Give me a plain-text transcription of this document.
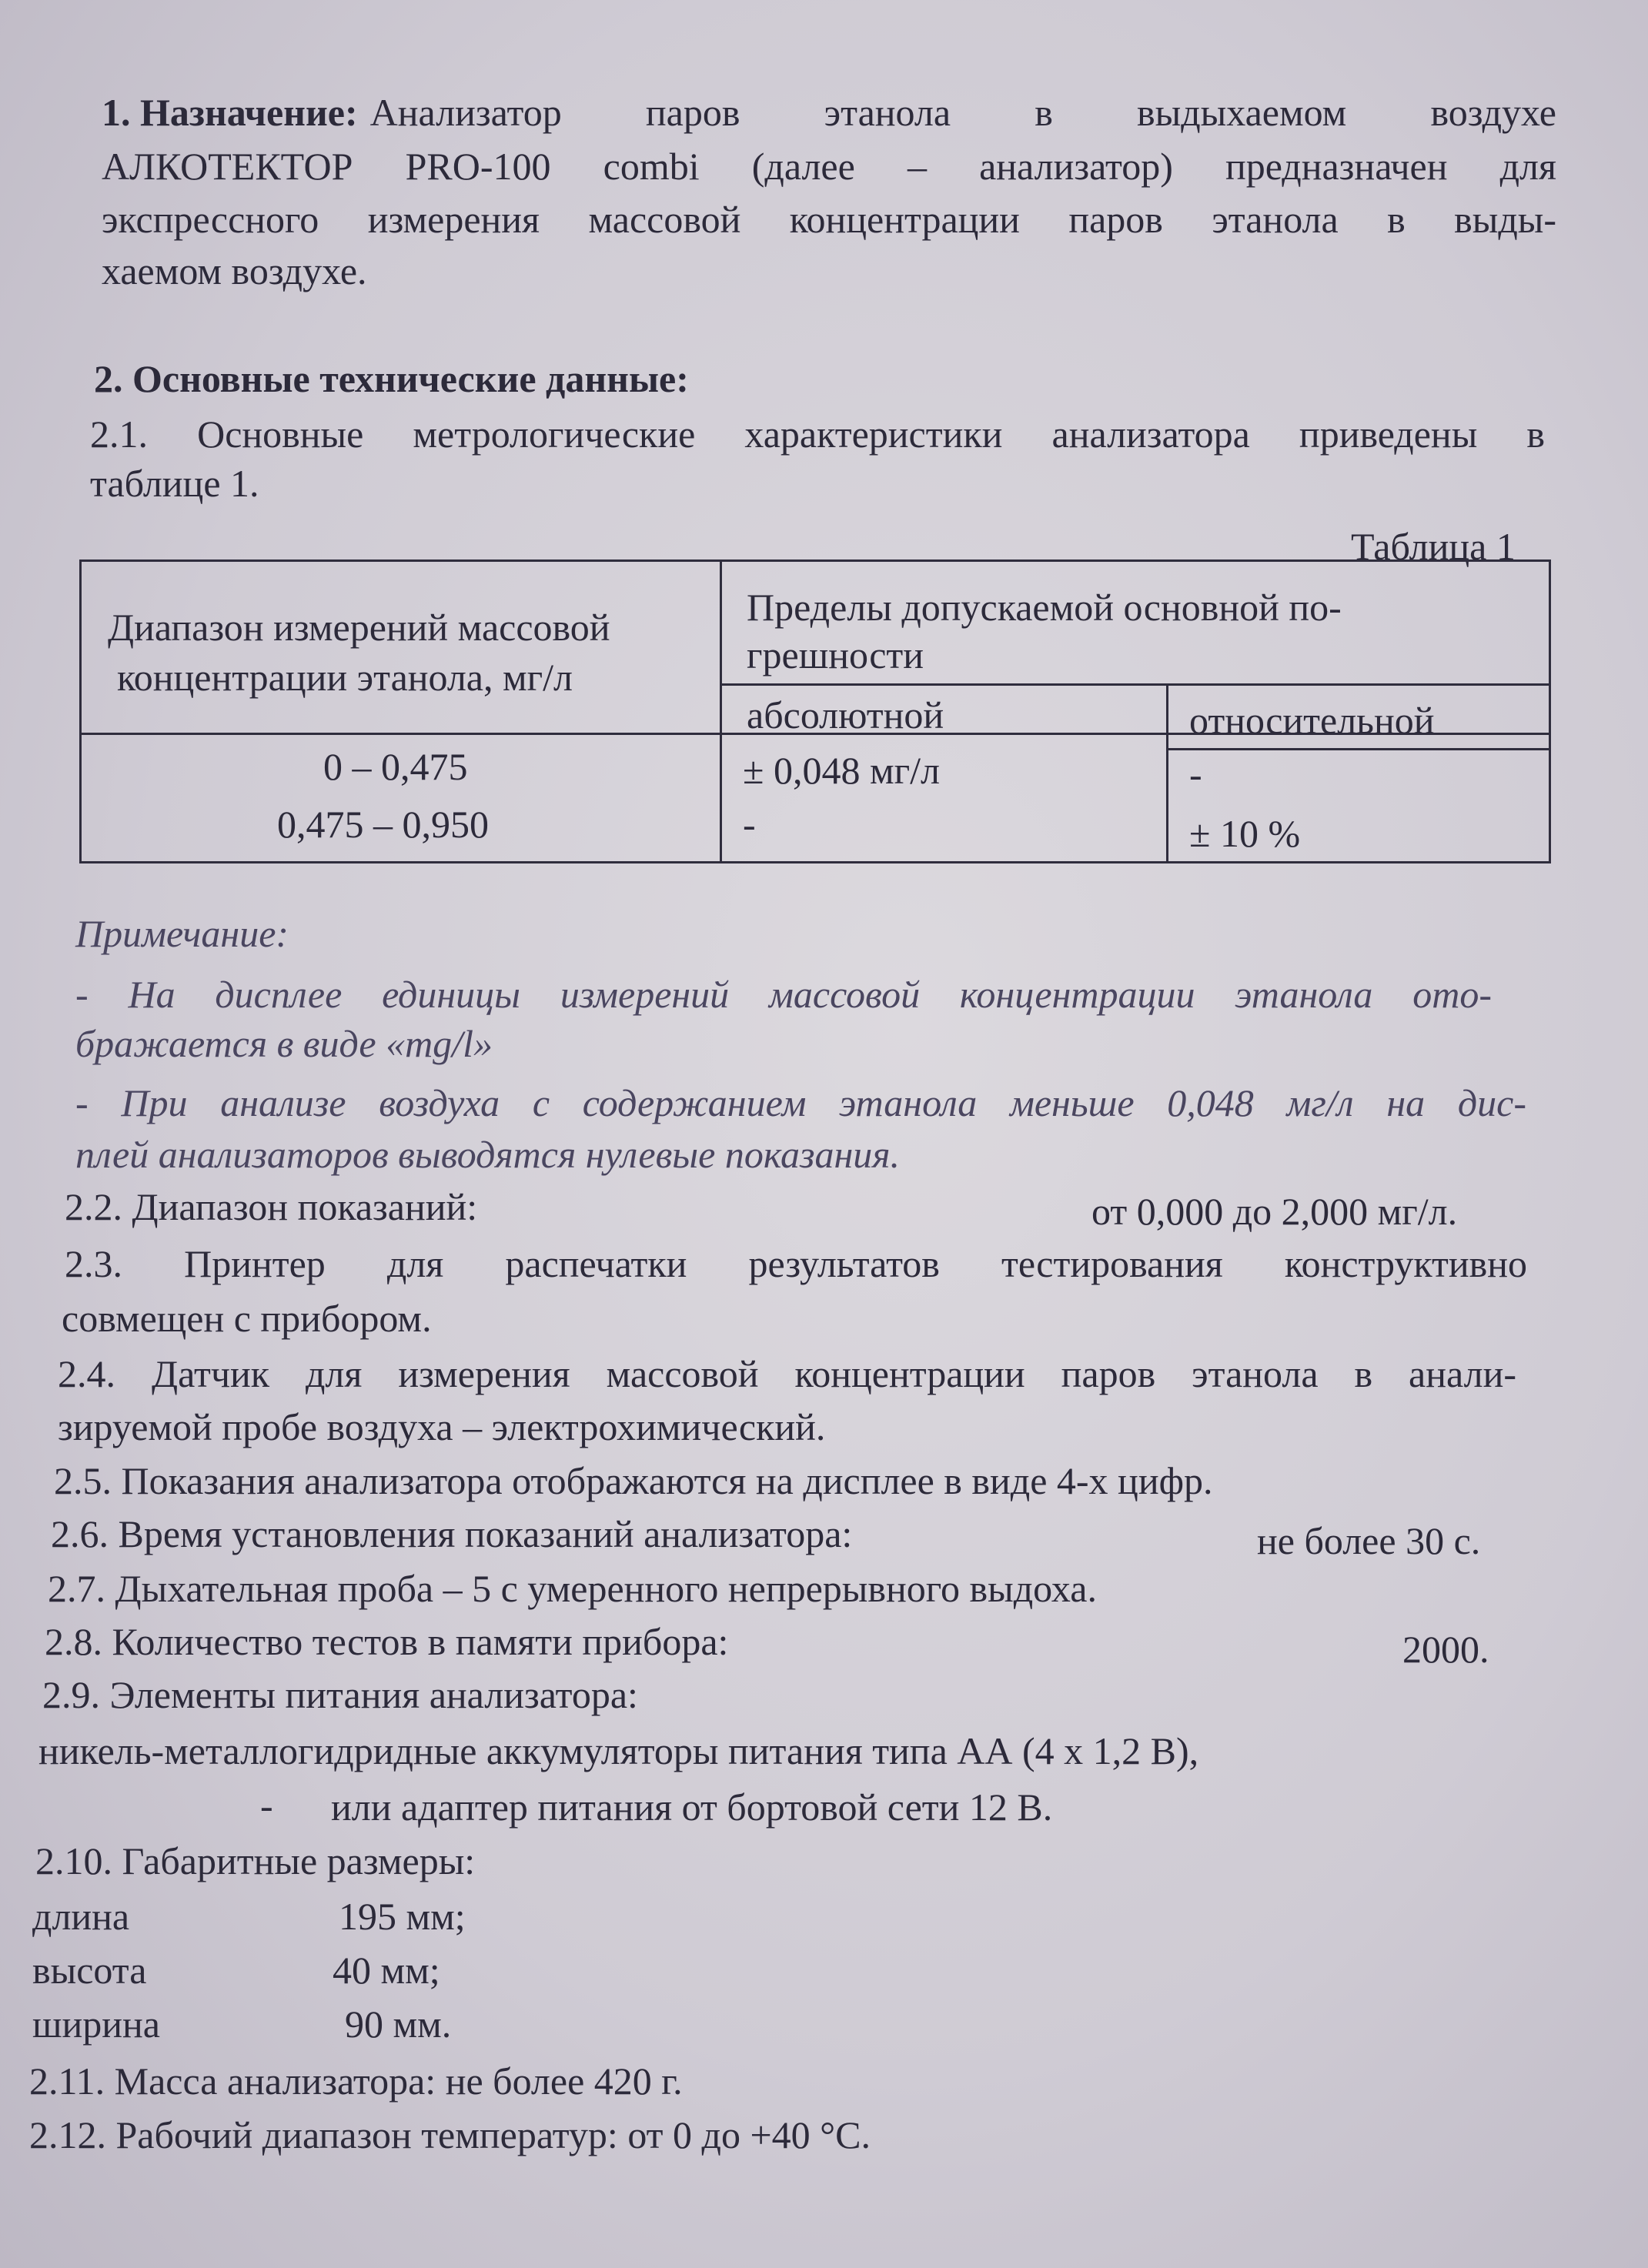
1. Назначение: Анализатор паров этанола в выдыхаемом воздухе
АЛКОТЕКТОР PRO-100 combi (далее – анализатор) предназначен для
экспрессного измерения массовой концентрации паров этанола в выды-
хаемом воздухе.
2. Основные технические данные:
2.1. Основные метрологические характеристики анализатора приведены в
таблице 1.
Таблица 1
Диапазон измерений массовой
концентрации этанола, мг/л
Пределы допускаемой основной по-
грешности
абсолютной	относительной
0 – 0,475	± 0,048 мг/л	-
0,475 – 0,950	-	± 10 %
Примечание:
- На дисплее единицы измерений массовой концентрации этанола ото-
бражается в виде «mg/l»
- При анализе воздуха с содержанием этанола меньше 0,048 мг/л на дис-
плей анализаторов выводятся нулевые показания.
2.2. Диапазон показаний:	от 0,000 до 2,000 мг/л.
2.3. Принтер для распечатки результатов тестирования конструктивно
совмещен с прибором.
2.4. Датчик для измерения массовой концентрации паров этанола в анали-
зируемой пробе воздуха – электрохимический.
2.5. Показания анализатора отображаются на дисплее в виде 4-х цифр.
2.6. Время установления показаний анализатора:	не более 30 с.
2.7. Дыхательная проба – 5 с умеренного непрерывного выдоха.
2.8. Количество тестов в памяти прибора:	2000.
2.9. Элементы питания анализатора:
никель-металлогидридные аккумуляторы питания типа АА (4 х 1,2 В),
- или адаптер питания от бортовой сети 12 В.
2.10. Габаритные размеры:
длина	195 мм;
высота	40 мм;
ширина	90 мм.
2.11. Масса анализатора: не более 420 г.
2.12. Рабочий диапазон температур: от 0 до +40 °С.
